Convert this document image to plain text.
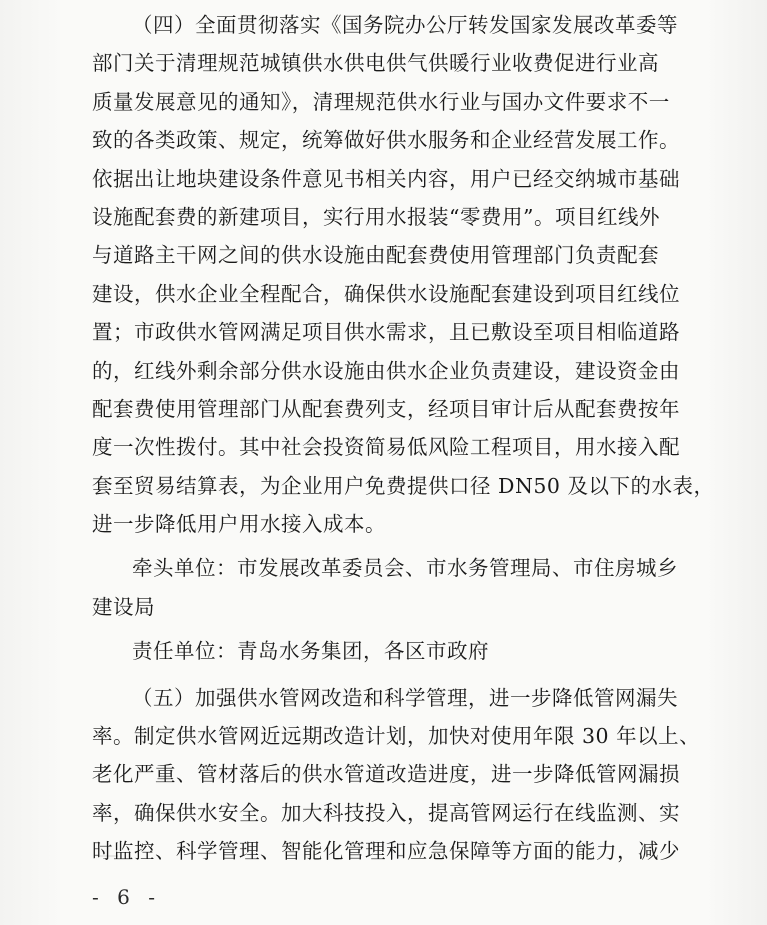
（四）全面贯彻落实《国务院办公厅转发国家发展改革委等
部门关于清理规范城镇供水供电供气供暖行业收费促进行业高
质量发展意见的通知》，清理规范供水行业与国办文件要求不一
致的各类政策、规定，统筹做好供水服务和企业经营发展工作。
依据出让地块建设条件意见书相关内容，用户已经交纳城市基础
设施配套费的新建项目，实行用水报装“零费用”。项目红线外
与道路主干网之间的供水设施由配套费使用管理部门负责配套
建设，供水企业全程配合，确保供水设施配套建设到项目红线位
置；市政供水管网满足项目供水需求，且已敷设至项目相临道路
的，红线外剩余部分供水设施由供水企业负责建设，建设资金由
配套费使用管理部门从配套费列支，经项目审计后从配套费按年
度一次性拨付。其中社会投资简易低风险工程项目，用水接入配
套至贸易结算表，为企业用户免费提供口径 DN50 及以下的水表，
进一步降低用户用水接入成本。
牵头单位：市发展改革委员会、市水务管理局、市住房城乡
建设局
责任单位：青岛水务集团，各区市政府
（五）加强供水管网改造和科学管理，进一步降低管网漏失
率。制定供水管网近远期改造计划，加快对使用年限 30 年以上、
老化严重、管材落后的供水管道改造进度，进一步降低管网漏损
率，确保供水安全。加大科技投入，提高管网运行在线监测、实
时监控、科学管理、智能化管理和应急保障等方面的能力，减少
- 6 -
